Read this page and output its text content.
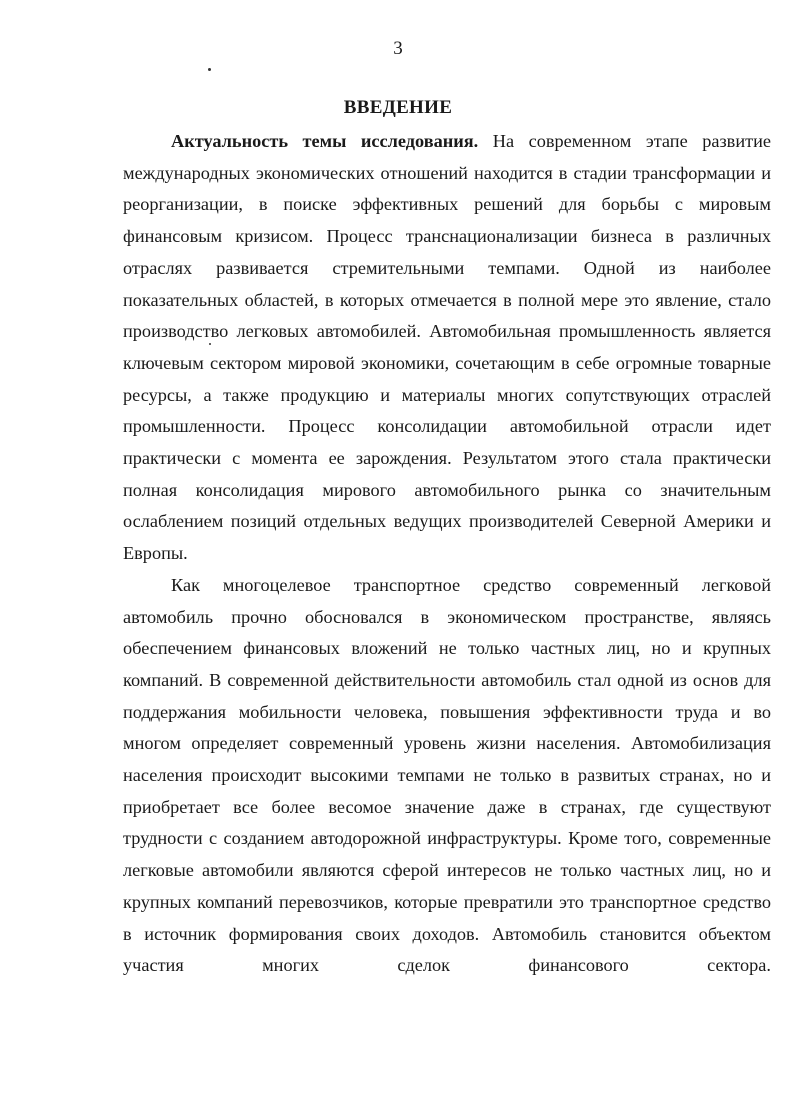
3
ВВЕДЕНИЕ

Актуальность темы исследования. На современном этапе развитие международных экономических отношений находится в стадии трансформации и реорганизации, в поиске эффективных решений для борьбы с мировым финансовым кризисом. Процесс транснационализации бизнеса в различных отраслях развивается стремительными темпами. Одной из наиболее показательных областей, в которых отмечается в полной мере это явление, стало производство легковых автомобилей. Автомобильная промышленность является ключевым сектором мировой экономики, сочетающим в себе огромные товарные ресурсы, а также продукцию и материалы многих сопутствующих отраслей промышленности. Процесс консолидации автомобильной отрасли идет практически с момента ее зарождения. Результатом этого стала практически полная консолидация мирового автомобильного рынка со значительным ослаблением позиций отдельных ведущих производителей Северной Америки и Европы.

Как многоцелевое транспортное средство современный легковой автомобиль прочно обосновался в экономическом пространстве, являясь обеспечением финансовых вложений не только частных лиц, но и крупных компаний. В современной действительности автомобиль стал одной из основ для поддержания мобильности человека, повышения эффективности труда и во многом определяет современный уровень жизни населения. Автомобилизация населения происходит высокими темпами не только в развитых странах, но и приобретает все более весомое значение даже в странах, где существуют трудности с созданием автодорожной инфраструктуры. Кроме того, современные легковые автомобили являются сферой интересов не только частных лиц, но и крупных компаний перевозчиков, которые превратили это транспортное средство в источник формирования своих доходов. Автомобиль становится объектом участия многих сделок финансового сектора.
